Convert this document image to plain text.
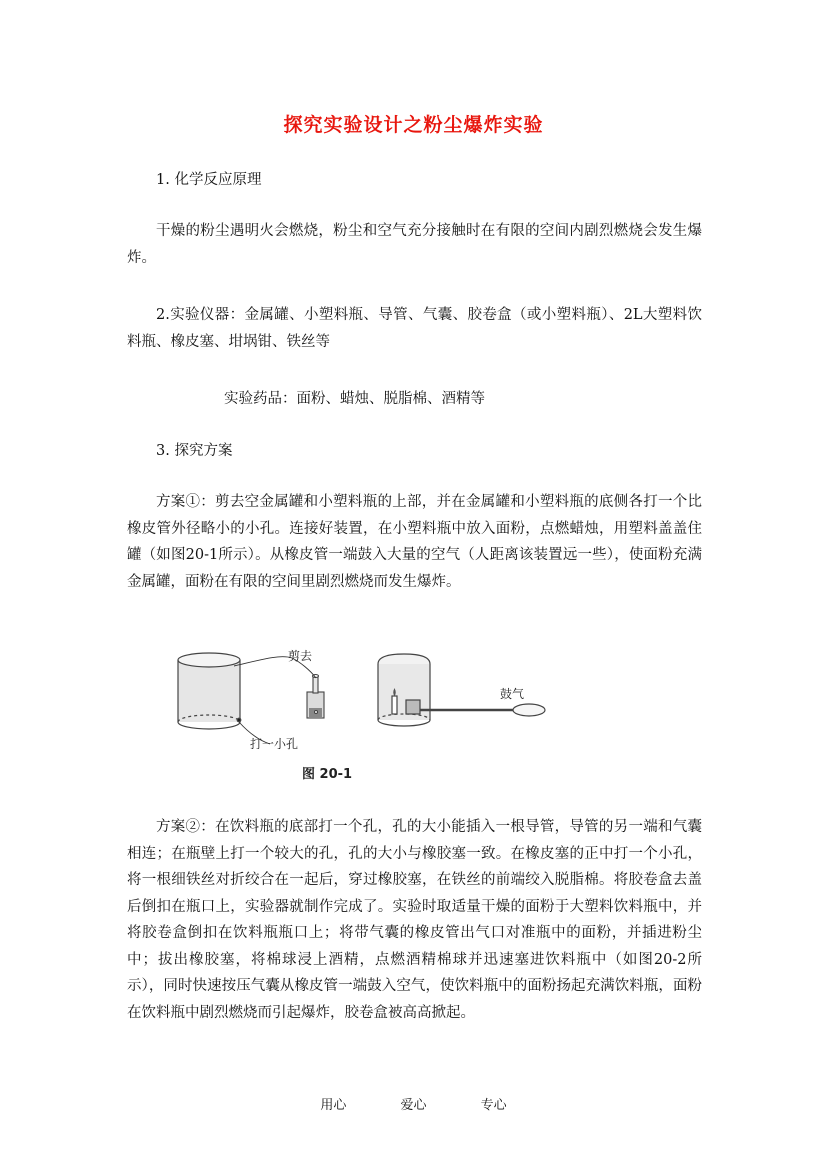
探究实验设计之粉尘爆炸实验
1. 化学反应原理
干燥的粉尘遇明火会燃烧，粉尘和空气充分接触时在有限的空间内剧烈燃烧会发生爆炸。
2.实验仪器：金属罐、小塑料瓶、导管、气囊、胶卷盒（或小塑料瓶）、2L大塑料饮料瓶、橡皮塞、坩埚钳、铁丝等
实验药品：面粉、蜡烛、脱脂棉、酒精等
3. 探究方案
方案①：剪去空金属罐和小塑料瓶的上部，并在金属罐和小塑料瓶的底侧各打一个比橡皮管外径略小的小孔。连接好装置，在小塑料瓶中放入面粉，点燃蜡烛，用塑料盖盖住罐（如图20-1所示）。从橡皮管一端鼓入大量的空气（人距离该装置远一些），使面粉充满金属罐，面粉在有限的空间里剧烈燃烧而发生爆炸。
剪去
打一小孔
鼓气
图 20-1
方案②：在饮料瓶的底部打一个孔，孔的大小能插入一根导管，导管的另一端和气囊相连；在瓶壁上打一个较大的孔，孔的大小与橡胶塞一致。在橡皮塞的正中打一个小孔，将一根细铁丝对折绞合在一起后，穿过橡胶塞，在铁丝的前端绞入脱脂棉。将胶卷盒去盖后倒扣在瓶口上，实验器就制作完成了。实验时取适量干燥的面粉于大塑料饮料瓶中，并将胶卷盒倒扣在饮料瓶瓶口上；将带气囊的橡皮管出气口对准瓶中的面粉，并插进粉尘中；拔出橡胶塞，将棉球浸上酒精，点燃酒精棉球并迅速塞进饮料瓶中（如图20-2所示），同时快速按压气囊从橡皮管一端鼓入空气，使饮料瓶中的面粉扬起充满饮料瓶，面粉在饮料瓶中剧烈燃烧而引起爆炸，胶卷盒被高高掀起。
用心	爱心	专心
